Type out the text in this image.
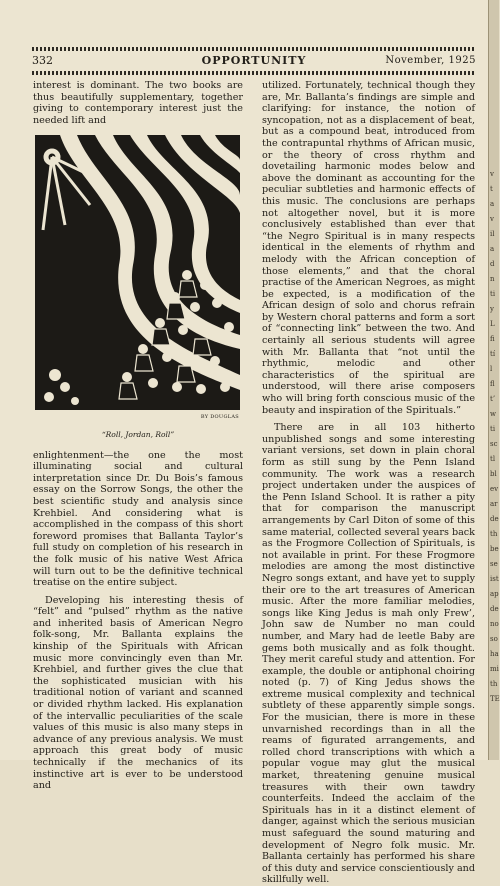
332	OPPORTUNITY	November, 1925

interest is dominant. The two books are thus beautifully supplementary, together giving to contemporary interest just the needed lift and

BY DOUGLAS
“Roll, Jordan, Roll”

enlightenment—the one the most illuminating social and cultural interpretation since Dr. Du Bois’s famous essay on the Sorrow Songs, the other the best scientific study and analysis since Krehbiel. And considering what is accomplished in the compass of this short foreword promises that Ballanta Taylor’s full study on completion of his research in the folk music of his native West Africa will turn out to be the definitive technical treatise on the entire subject.

Developing his interesting thesis of “felt” and “pulsed” rhythm as the native and inherited basis of American Negro folk-song, Mr. Ballanta explains the kinship of the Spirituals with African music more convincingly even than Mr. Krehbiel, and further gives the clue that the sophisticated musician with his traditional notion of variant and scanned or divided rhythm lacked. His explanation of the intervallic peculiarities of the scale values of this music is also many steps in advance of any previous analysis. We must approach this great body of music technically if the mechanics of its instinctive art is ever to be understood and

utilized. Fortunately, technical though they are, Mr. Ballanta’s findings are simple and clarifying: for instance, the notion of syncopation, not as a displacement of beat, but as a compound beat, introduced from the contrapuntal rhythms of African music, or the theory of cross rhythm and dovetailing harmonic modes below and above the dominant as accounting for the peculiar subtleties and harmonic effects of this music. The conclusions are perhaps not altogether novel, but it is more conclusively established than ever that “the Negro Spiritual is in many respects identical in the elements of rhythm and melody with the African conception of those elements,” and that the choral practise of the American Negroes, as might be expected, is a modification of the African design of solo and chorus refrain by Western choral patterns and form a sort of “connecting link” between the two. And certainly all serious students will agree with Mr. Ballanta that “not until the rhythmic, melodic and other characteristics of the spiritual are understood, will there arise composers who will bring forth conscious music of the beauty and inspiration of the Spirituals.”

There are in all 103 hitherto unpublished songs and some interesting variant versions, set down in plain choral form as still sung by the Penn Island community. The work was a research project undertaken under the auspices of the Penn Island School. It is rather a pity that for comparison the manuscript arrangements by Carl Diton of some of this same material, collected several years back as the Frogmore Collection of Spirituals, is not available in print. For these Frogmore melodies are among the most distinctive Negro songs extant, and have yet to supply their ore to the art treasures of American music. After the more familiar melodies, songs like King Jedus is mah only Frew’, John saw de Number no man could number, and Mary had de leetle Baby are gems both musically and as folk thought. They merit careful study and attention. For example, the double or antiphonal choiring noted (p. 7) of King Jedus shows the extreme musical complexity and technical subtlety of these apparently simple songs. For the musician, there is more in these unvarnished recordings than in all the reams of figurated arrangements, and rolled chord transcriptions with which a popular vogue may glut the musical market, threatening genuine musical treasures with their own tawdry counterfeits. Indeed the acclaim of the Spirituals has in it a distinct element of danger, against which the serious musician must safeguard the sound maturing and development of Negro folk music. Mr. Ballanta certainly has performed his share of this duty and service conscientiously and skillfully well.

v
t
a
v
il
a
d
n
ti
y
L
fi
tí
l
fl
t’
w
ti
sc
tl
bl
ev
ar
de
th
be
se
ist
ap
de
no
so
ha
mi
th
TE
